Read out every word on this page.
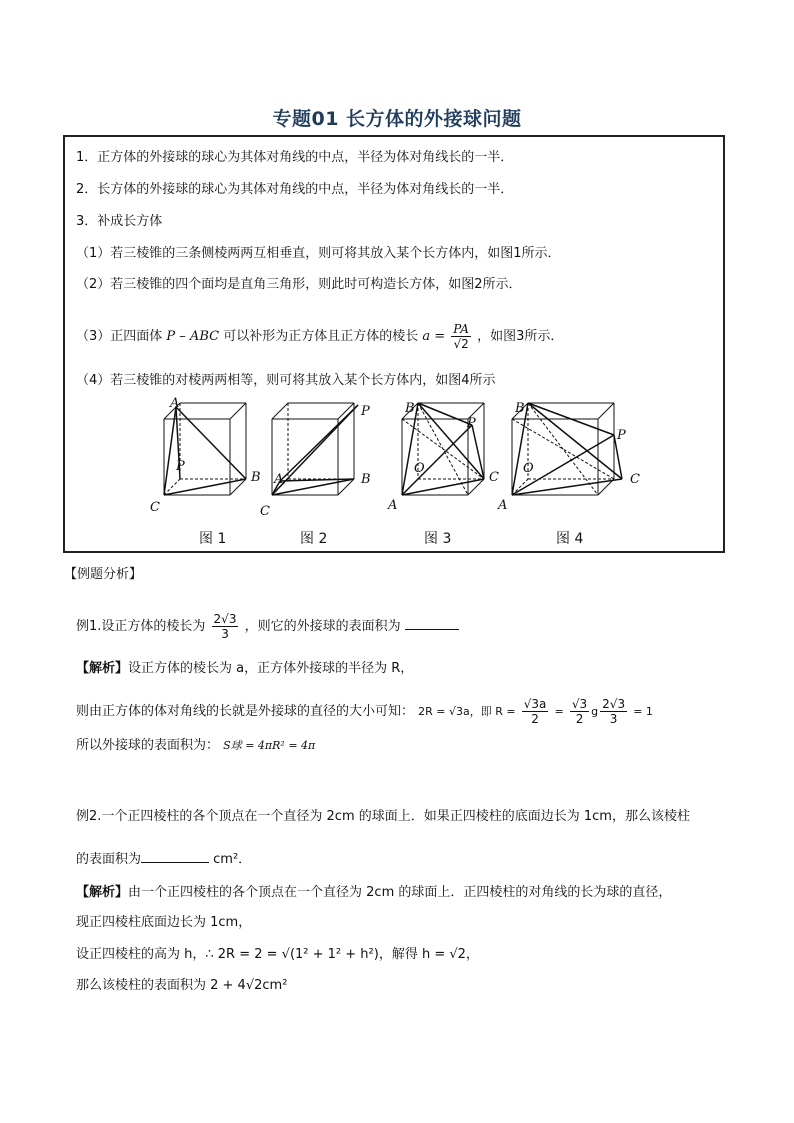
专题01 长方体的外接球问题
1．正方体的外接球的球心为其体对角线的中点，半径为体对角线长的一半．
2．长方体的外接球的球心为其体对角线的中点，半径为体对角线长的一半．
3．补成长方体
（1）若三棱锥的三条侧棱两两互相垂直，则可将其放入某个长方体内，如图1所示．
（2）若三棱锥的四个面均是直角三角形，则此时可构造长方体，如图2所示．
（3）正四面体 P – ABC 可以补形为正方体且正方体的棱长 $a = \frac{PA}{√2}$ ，如图3所示．
（4）若三棱锥的对棱两两相等，则可将其放入某个长方体内，如图4所示
A
P
B
C
P
A	B
C
B
P
O
C
A
B
P
O
C
A
图 1	图 2	图 3	图 4
【例题分析】
例1.设正方体的棱长为 $\frac{2√3}{3}$ ，则它的外接球的表面积为
【解析】设正方体的棱长为 a，正方体外接球的半径为 R，
则由正方体的体对角线的长就是外接球的直径的大小可知： 2R = √3a，即 $R = \frac{√3a}{2} = \frac{√3}{2}$ g $\frac{2√3}{3} = 1$
所以外接球的表面积为： S球 = 4πR² = 4π
例2.一个正四棱柱的各个顶点在一个直径为 2cm 的球面上．如果正四棱柱的底面边长为 1cm，那么该棱柱
的表面积为	cm²．
【解析】由一个正四棱柱的各个顶点在一个直径为 2cm 的球面上．正四棱柱的对角线的长为球的直径，
现正四棱柱底面边长为 1cm，
设正四棱柱的高为 h，∴ 2R = 2 = √(1² + 1² + h²)，解得 h = √2，
那么该棱柱的表面积为 2 + 4√2cm²
